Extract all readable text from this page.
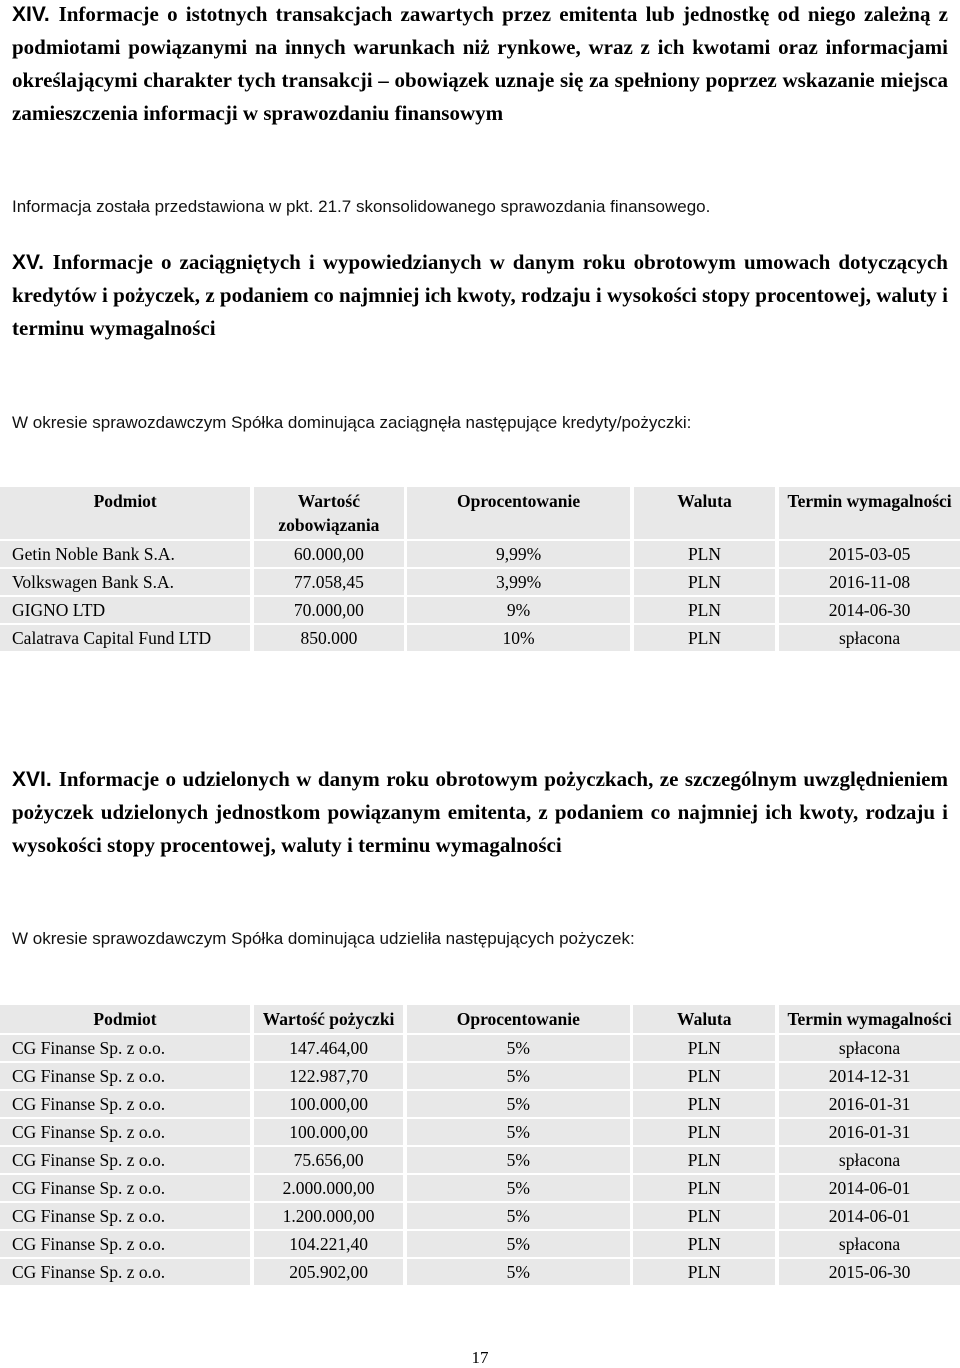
XIV. Informacje o istotnych transakcjach zawartych przez emitenta lub jednostkę od niego zależną z podmiotami powiązanymi na innych warunkach niż rynkowe, wraz z ich kwotami oraz informacjami określającymi charakter tych transakcji – obowiązek uznaje się za spełniony poprzez wskazanie miejsca zamieszczenia informacji w sprawozdaniu finansowym
Informacja została przedstawiona w pkt. 21.7 skonsolidowanego sprawozdania finansowego.
XV. Informacje o zaciągniętych i wypowiedzianych w danym roku obrotowym umowach dotyczących kredytów i pożyczek, z podaniem co najmniej ich kwoty, rodzaju i wysokości stopy procentowej, waluty i terminu wymagalności
W okresie sprawozdawczym Spółka dominująca zaciągnęła następujące kredyty/pożyczki:
Podmiot		Wartość zobowiązania		Oprocentowanie		Waluta		Termin wymagalności
Getin Noble Bank S.A.		60.000,00		9,99%		PLN		2015-03-05
Volkswagen Bank S.A.		77.058,45		3,99%		PLN		2016-11-08
GIGNO LTD		70.000,00		9%		PLN		2014-06-30
Calatrava Capital Fund LTD		850.000		10%		PLN		spłacona
XVI. Informacje o udzielonych w danym roku obrotowym pożyczkach, ze szczególnym uwzględnieniem pożyczek udzielonych jednostkom powiązanym emitenta, z podaniem co najmniej ich kwoty, rodzaju i wysokości stopy procentowej, waluty i terminu wymagalności
W okresie sprawozdawczym Spółka dominująca udzieliła następujących pożyczek:
Podmiot		Wartość pożyczki		Oprocentowanie		Waluta		Termin wymagalności
CG Finanse Sp. z o.o.		147.464,00		5%		PLN		spłacona
CG Finanse Sp. z o.o.		122.987,70		5%		PLN		2014-12-31
CG Finanse Sp. z o.o.		100.000,00		5%		PLN		2016-01-31
CG Finanse Sp. z o.o.		100.000,00		5%		PLN		2016-01-31
CG Finanse Sp. z o.o.		75.656,00		5%		PLN		spłacona
CG Finanse Sp. z o.o.		2.000.000,00		5%		PLN		2014-06-01
CG Finanse Sp. z o.o.		1.200.000,00		5%		PLN		2014-06-01
CG Finanse Sp. z o.o.		104.221,40		5%		PLN		spłacona
CG Finanse Sp. z o.o.		205.902,00		5%		PLN		2015-06-30
17
